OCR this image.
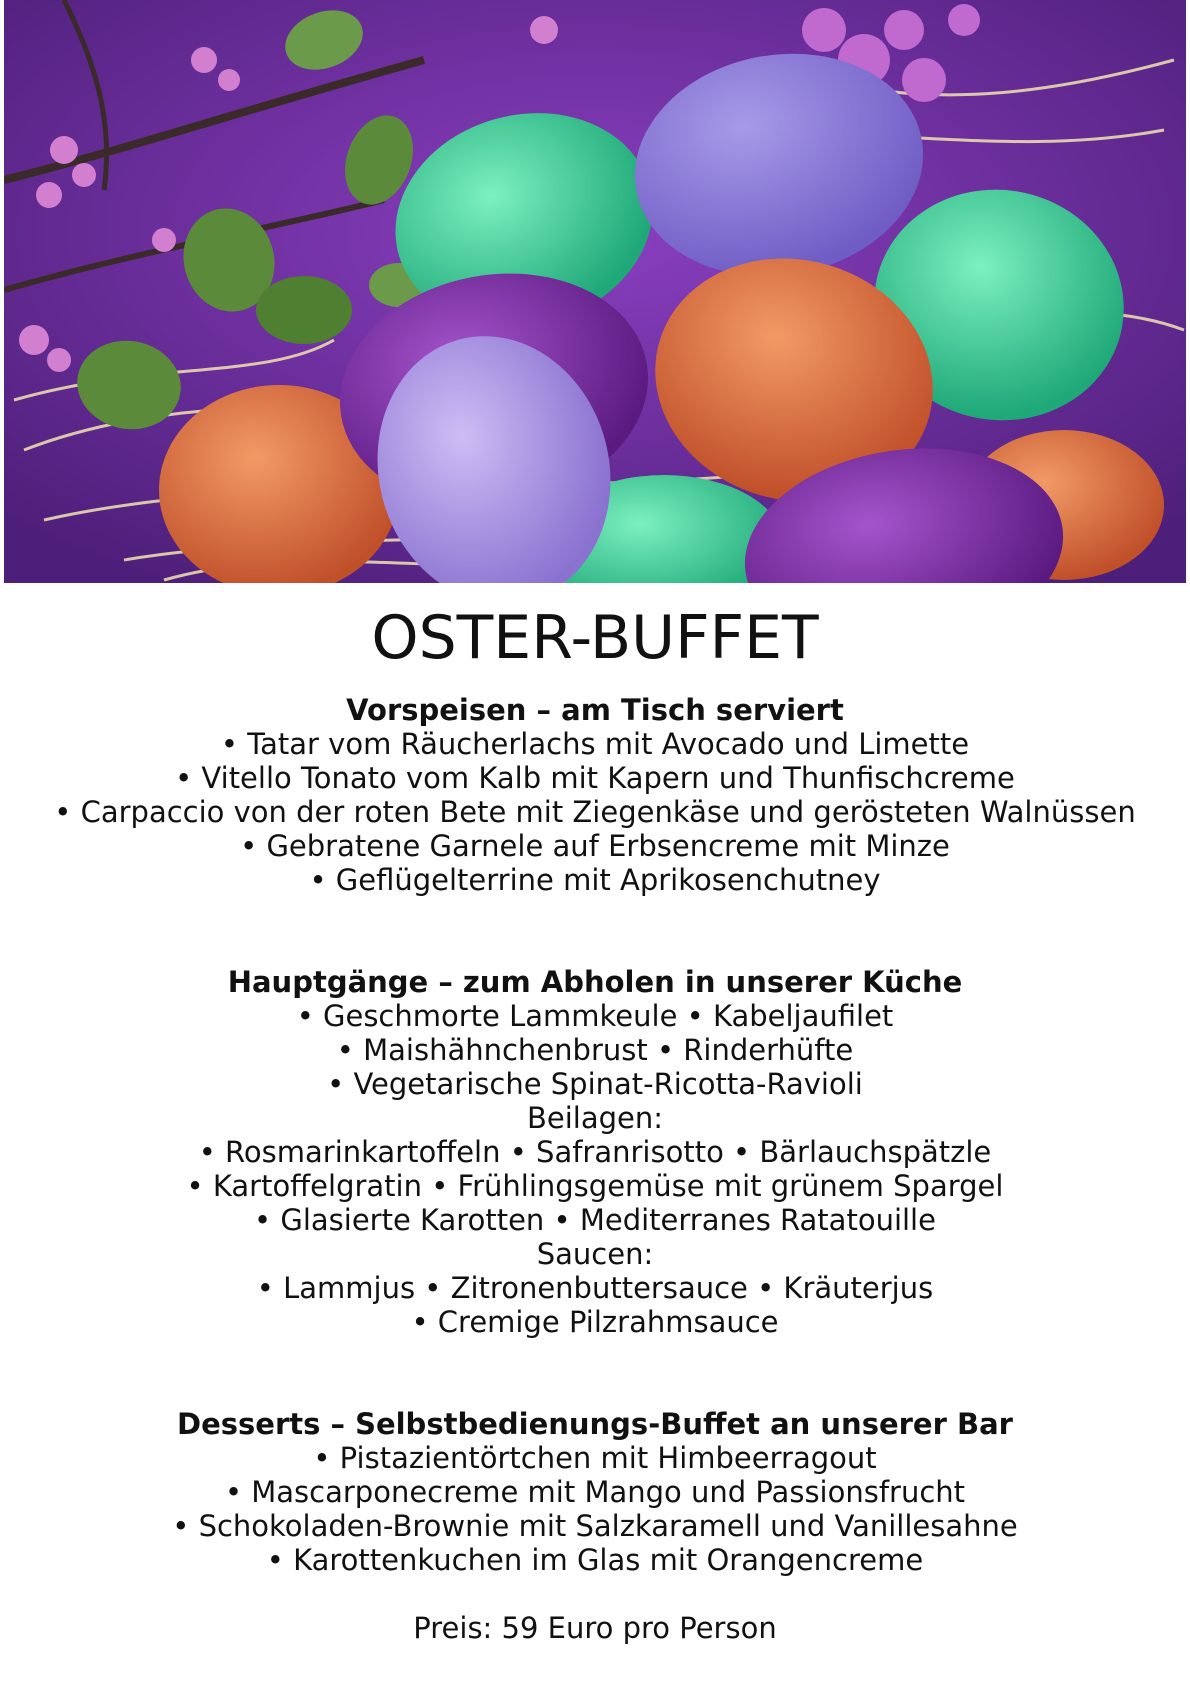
OSTER-BUFFET
Vorspeisen – am Tisch serviert
• Tatar vom Räucherlachs mit Avocado und Limette
• Vitello Tonato vom Kalb mit Kapern und Thunfischcreme
• Carpaccio von der roten Bete mit Ziegenkäse und gerösteten Walnüssen
• Gebratene Garnele auf Erbsencreme mit Minze
• Geflügelterrine mit Aprikosenchutney
Hauptgänge – zum Abholen in unserer Küche
• Geschmorte Lammkeule • Kabeljaufilet
• Maishähnchenbrust • Rinderhüfte
• Vegetarische Spinat-Ricotta-Ravioli
Beilagen:
• Rosmarinkartoffeln • Safranrisotto • Bärlauchspätzle
• Kartoffelgratin • Frühlingsgemüse mit grünem Spargel
• Glasierte Karotten • Mediterranes Ratatouille
Saucen:
• Lammjus • Zitronenbuttersauce • Kräuterjus
• Cremige Pilzrahmsauce
Desserts – Selbstbedienungs-Buffet an unserer Bar
• Pistazientörtchen mit Himbeerragout
• Mascarponecreme mit Mango und Passionsfrucht
• Schokoladen-Brownie mit Salzkaramell und Vanillesahne
• Karottenkuchen im Glas mit Orangencreme
Preis: 59 Euro pro Person
